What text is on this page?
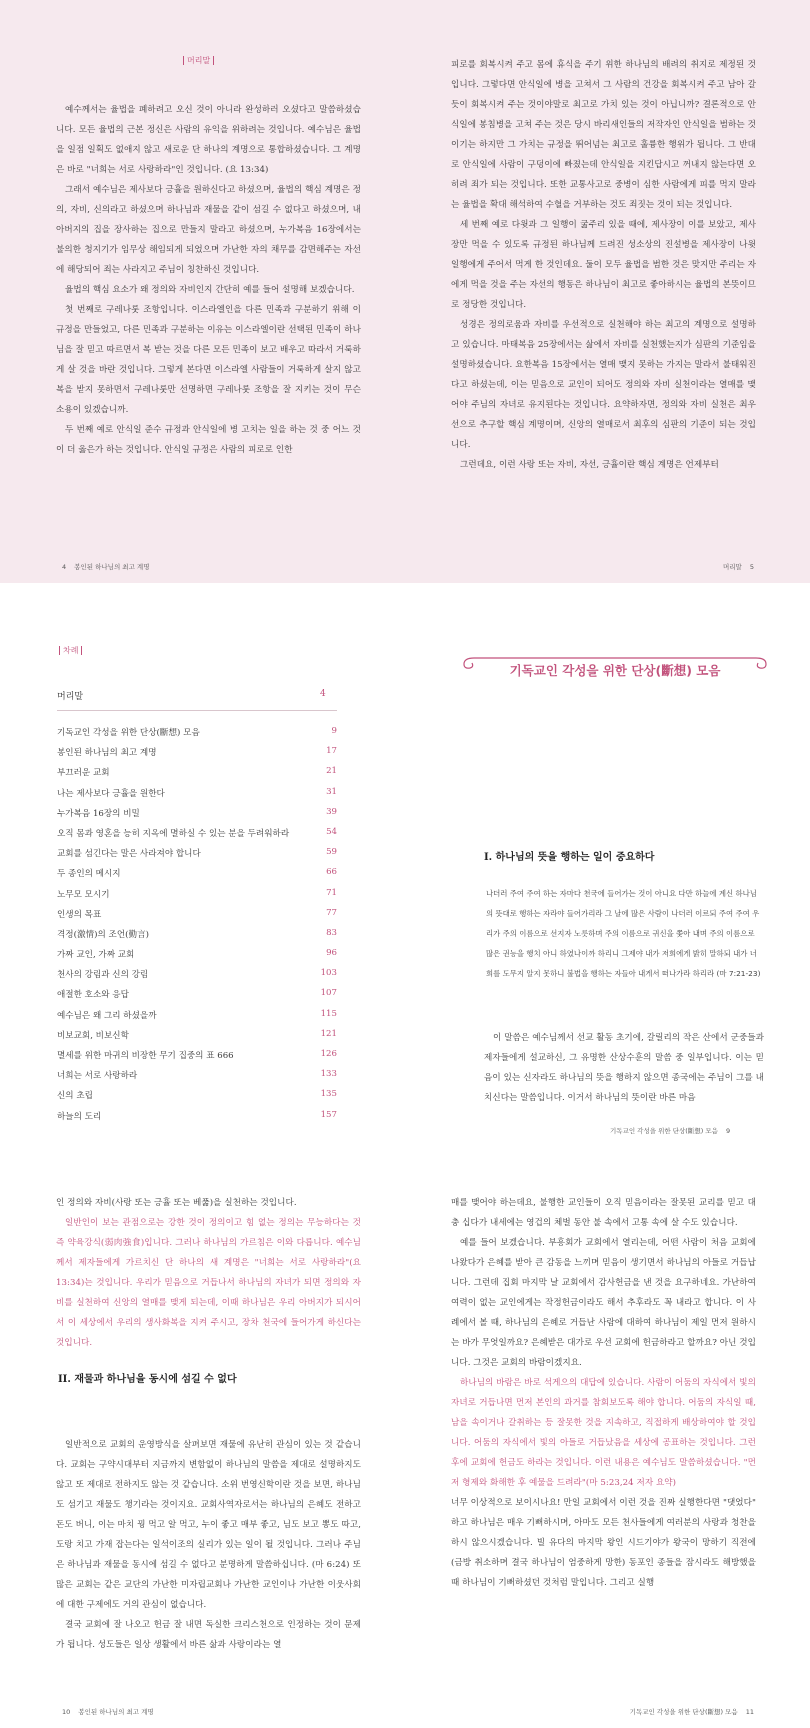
머리말

예수께서는 율법을 폐하려고 오신 것이 아니라 완성하러 오셨다고 말씀하셨습니다. 모든 율법의 근본 정신은 사람의 유익을 위하려는 것입니다. 예수님은 율법을 일점 일획도 없애지 않고 새로운 단 하나의 계명으로 통합하셨습니다. 그 계명은 바로 "너희는 서로 사랑하라"인 것입니다. (요 13:34)

그래서 예수님은 제사보다 긍휼을 원하신다고 하셨으며, 율법의 핵심 계명은 정의, 자비, 신의라고 하셨으며 하나님과 재물을 같이 섬길 수 없다고 하셨으며, 내 아버지의 집을 장사하는 집으로 만들지 말라고 하셨으며, 누가복음 16장에서는 불의한 청지기가 임무상 해임되게 되었으며 가난한 자의 채무를 감면해주는 자선에 해당되어 죄는 사라지고 주님이 칭찬하신 것입니다.

율법의 핵심 요소가 왜 정의와 자비인지 간단히 예를 들어 설명해 보겠습니다.

첫 번째로 구레나룻 조항입니다. 이스라엘인을 다른 민족과 구분하기 위해 이 규정을 만들었고, 다른 민족과 구분하는 이유는 이스라엘이란 선택된 민족이 하나님을 잘 믿고 따르면서 복 받는 것을 다른 모든 민족이 보고 배우고 따라서 거룩하게 살 것을 바란 것입니다. 그렇게 본다면 이스라엘 사람들이 거룩하게 살지 않고 복을 받지 못하면서 구레나룻만 선명하면 구레나룻 조항을 잘 지키는 것이 무슨 소용이 있겠습니까.

두 번째 예로 안식일 준수 규정과 안식일에 병 고치는 일을 하는 것 중 어느 것이 더 옳은가 하는 것입니다. 안식일 규정은 사람의 피로로 인한

4 봉인된 하나님의 최고 계명

피로를 회복시켜 주고 몸에 휴식을 주기 위한 하나님의 배려의 취지로 제정된 것입니다. 그렇다면 안식일에 병을 고쳐서 그 사람의 건강을 회복시켜 주고 남아 갈 듯이 회복시켜 주는 것이야말로 최고로 가치 있는 것이 아닙니까? 결론적으로 안식일에 봉침병을 고쳐 주는 것은 당시 바리새인들의 저작자인 안식일을 범하는 것이기는 하지만 그 가치는 규정을 뛰어넘는 최고로 훌륭한 행위가 됩니다. 그 반대로 안식일에 사람이 구덩이에 빠졌는데 안식일을 지킨답시고 꺼내지 않는다면 오히려 죄가 되는 것입니다. 또한 교통사고로 중병이 심한 사람에게 피를 먹지 말라는 율법을 확대 해석하여 수혈을 거부하는 것도 죄짓는 것이 되는 것입니다.

세 번째 예로 다윗과 그 일행이 굶주리 있을 때에, 제사장이 이를 보았고, 제사장만 먹을 수 있도록 규정된 하나님께 드려진 성소상의 진설병을 제사장이 나윗 일행에게 주어서 먹게 한 것인데요. 둘이 모두 율법을 범한 것은 맞지만 주리는 자에게 먹을 것을 주는 자선의 행동은 하나님이 최고로 좋아하시는 율법의 본뜻이므로 정당한 것입니다.

성경은 정의로움과 자비를 우선적으로 실천해야 하는 최고의 계명으로 설명하고 있습니다. 마태복음 25장에서는 삶에서 자비를 실천했는지가 심판의 기준임을 설명하셨습니다. 요한복음 15장에서는 열매 맺지 못하는 가지는 말라서 불태워진다고 하셨는데, 이는 믿음으로 교인이 되어도 정의와 자비 실천이라는 열매를 맺어야 주님의 자녀로 유지된다는 것입니다. 요약하자면, 정의와 자비 실천은 최우선으로 추구할 핵심 계명이며, 신앙의 열매로서 최후의 심판의 기준이 되는 것입니다.

그런데요, 이런 사랑 또는 자비, 자선, 긍휼이란 핵심 계명은 언제부터

머리말 5
차례
머리말	4
기독교인 각성을 위한 단상(斷想) 모음	9
봉인된 하나님의 최고 계명	17
부끄러운 교회	21
나는 제사보다 긍휼을 원한다	31
누가복음 16장의 비밀	39
오직 몸과 영혼을 능히 지옥에 멸하실 수 있는 분을 두려워하라	54
교회를 섬긴다는 말은 사라져야 합니다	59
두 종인의 메시지	66
노무모 모시기	71
인생의 목표	77
격정(激情)의 조언(勤言)	83
가짜 교인, 가짜 교회	96
천사의 강림과 신의 강림	103
애절한 호소와 응답	107
예수님은 왜 그리 하셨을까	115
비보교회, 비보신학	121
멸세를 위한 마귀의 비장한 무기 집중의 표 666	126
너희는 서로 사랑하라	133
신의 초립	135
하늘의 도리	157
기독교인 각성을 위한 단상(斷想) 모음
I. 하나님의 뜻을 행하는 일이 중요하다
나더러 주여 주여 하는 자마다 천국에 들어가는 것이 아니요 다만 하늘에 계신 하나님의 뜻대로 행하는 자라야 들어가리라 그 날에 많은 사람이 나더러 이르되 주여 주여 우리가 주의 이름으로 선지자 노릇하며 주의 이름으로 귀신을 쫓아 내며 주의 이름으로 많은 권능을 행치 아니 하였나이까 하리니 그제야 내가 저희에게 밝히 말하되 내가 너희를 도무지 알지 못하니 불법을 행하는 자들아 내게서 떠나가라 하리라 (마 7:21-23)

이 말씀은 예수님께서 선교 활동 초기에, 갈릴리의 작은 산에서 군중들과 제자들에게 설교하신, 그 유명한 산상수훈의 말씀 중 일부입니다. 이는 믿음이 있는 신자라도 하나님의 뜻을 행하지 않으면 종국에는 주님이 그를 내치신다는 말씀입니다. 이거서 하나님의 뜻이란 바른 마음

기독교인 각성을 위한 단상(斷想) 모음 9

인 정의와 자비(사랑 또는 긍휼 또는 베풂)을 실천하는 것입니다.

일반인이 보는 관점으로는 강한 것이 정의이고 힘 없는 정의는 무능하다는 것 즉 약육강식(弱肉強食)입니다. 그러나 하나님의 가르침은 이와 다릅니다. 예수님께서 제자들에게 가르치신 단 하나의 새 계명은 "너희는 서로 사랑하라"(요 13:34)는 것입니다. 우리가 믿음으로 거듭나서 하나님의 자녀가 되면 정의와 자비를 실천하여 신앙의 열매를 맺게 되는데, 이때 하나님은 우리 아버지가 되시어서 이 세상에서 우리의 생사화복을 지켜 주시고, 장차 천국에 들어가게 하신다는 것입니다.

일반적으로 교회의 운영방식을 살펴보면 재물에 유난히 관심이 있는 것 같습니다. 교회는 구약시대부터 지금까지 변함없이 하나님의 말씀을 제대로 설명하지도 않고 또 제대로 전하지도 않는 것 같습니다. 소위 번영신학이란 것을 보면, 하나님도 섬기고 재물도 챙기라는 것이지요. 교회사역자로서는 하나님의 은혜도 전하고 돈도 버니, 이는 마치 꿩 먹고 알 먹고, 누이 좋고 매부 좋고, 님도 보고 뽕도 따고, 도랑 치고 가재 잡는다는 일석이조의 실리가 있는 일이 될 것입니다. 그러나 주님은 하나님과 재물을 동시에 섬길 수 없다고 분명하게 말씀하십니다. (마 6:24) 또 많은 교회는 같은 교단의 가난한 미자립교회나 가난한 교인이나 가난한 이웃사회에 대한 구제에도 거의 관심이 없습니다.

결국 교회에 잘 나오고 헌금 잘 내면 독실한 크리스천으로 인정하는 것이 문제가 됩니다. 성도들은 일상 생활에서 바른 삶과 사랑이라는 열

10 봉인된 하나님의 최고 계명

매를 맺어야 하는데요, 불행한 교인들이 오직 믿음이라는 잘못된 교리를 믿고 대충 십다가 내세에는 영겁의 체벌 동안 불 속에서 고통 속에 살 수도 있습니다.

예를 들어 보겠습니다. 부흥회가 교회에서 열리는데, 어떤 사람이 처음 교회에 나왔다가 은혜를 받아 큰 감동을 느끼며 믿음이 생기면서 하나님의 아들로 거듭납니다. 그런데 집회 마지막 날 교회에서 감사헌금을 낸 것을 요구하네요. 가난하여 여력이 없는 교인에게는 작정헌금이라도 해서 추후라도 꼭 내라고 합니다. 이 사례에서 볼 때, 하나님의 은혜로 거듭난 사람에 대하여 하나님이 제일 먼저 원하시는 바가 무엇일까요? 은혜받은 대가로 우선 교회에 헌금하라고 할까요? 아닌 것입니다. 그것은 교회의 바람이겠지요.

하나님의 바람은 바로 석게으의 대답에 있습니다. 사람이 어둠의 자식에서 빛의 자녀로 거듭나면 먼저 본인의 과거를 참회보도록 해야 합니다. 어둠의 자식일 때, 남을 속이거나 갈취하는 등 잘못한 것을 지속하고, 직접하게 배상하여야 할 것입니다. 어둠의 자식에서 빛의 아들로 거듭났음을 세상에 공표하는 것입니다. 그런 후에 교회에 헌금도 하라는 것입니다. 이런 내용은 예수님도 말씀하셨습니다. "먼저 형제와 화해한 후 예물을 드려라"(마 5:23,24 저자 요약)

너무 이상적으로 보이시나요! 만일 교회에서 이런 것을 진짜 실행한다면 "댓었다" 하고 하나님은 매우 기뻐하시며, 아마도 모든 천사들에게 여러분의 사랑과 청찬을 하시 않으시겠습니다. 빌 유다의 마지막 왕인 시드기야가 왕국이 망하기 직전에 (금방 취소하며 결국 하나님이 엄중하게 망한) 동포인 종들을 잠시라도 해방했을 때 하나님이 기뻐하셨던 것처럼 말입니다. 그리고 실행

기독교인 각성을 위한 단상(斷想) 모음 11
II. 재물과 하나님을 동시에 섬길 수 없다
